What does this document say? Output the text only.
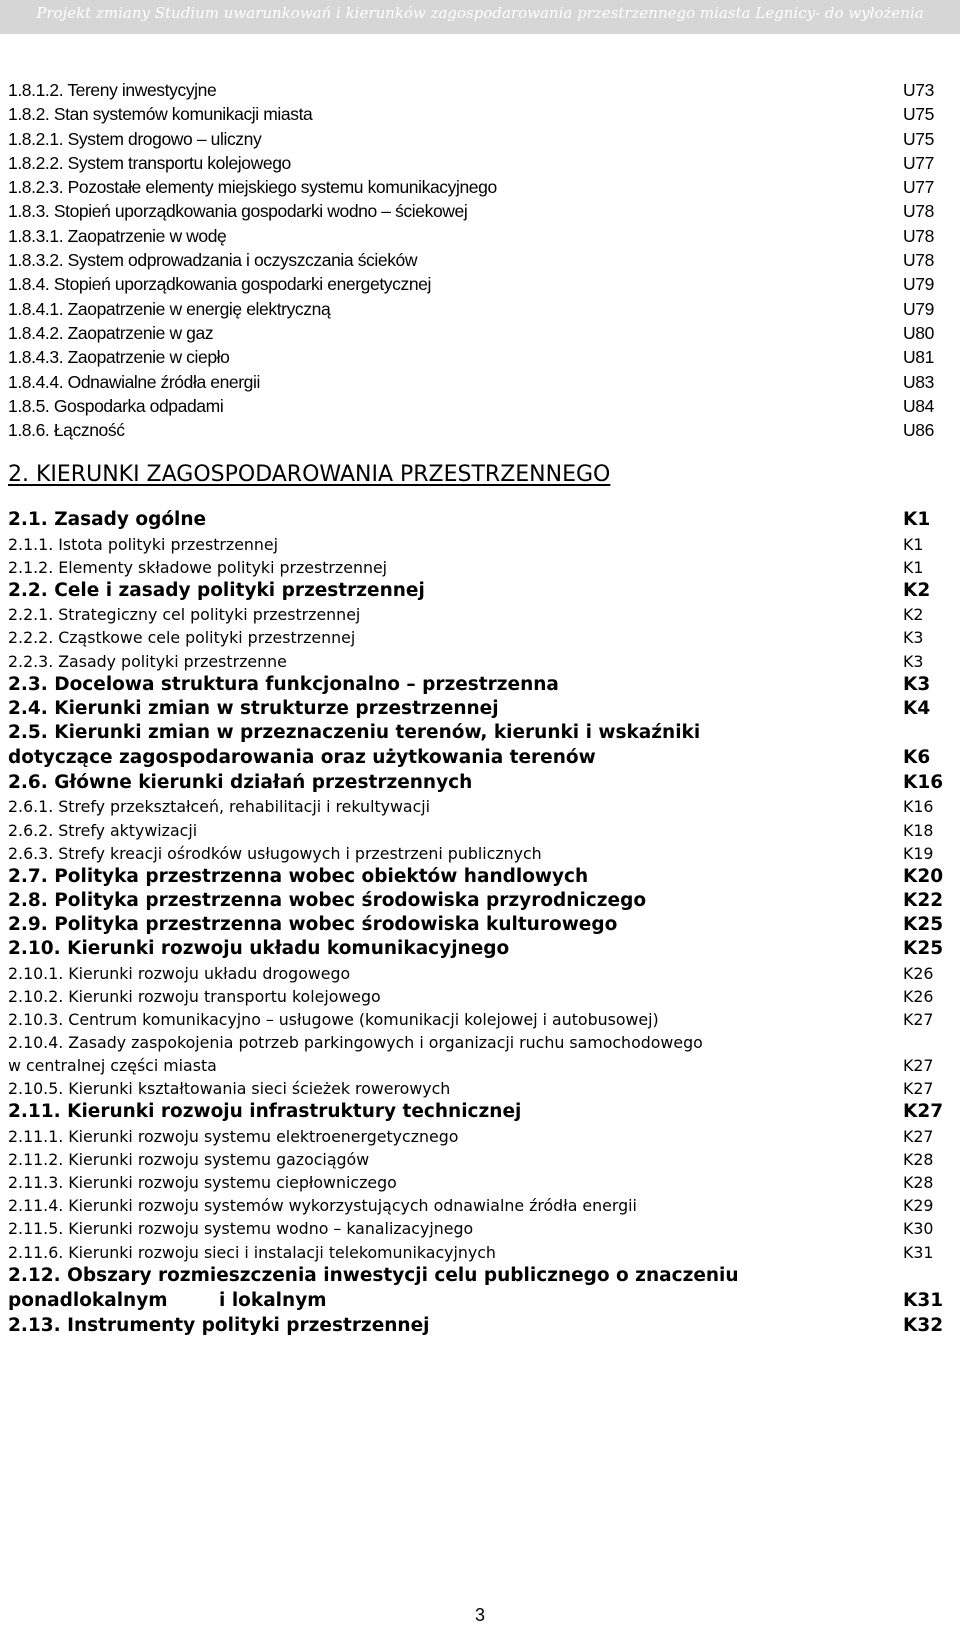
Projekt zmiany Studium uwarunkowań i kierunków zagospodarowania przestrzennego miasta Legnicy- do wyłożenia
1.8.1.2. Tereny inwestycyjne	U73
1.8.2. Stan systemów komunikacji miasta	U75
1.8.2.1. System drogowo – uliczny	U75
1.8.2.2. System transportu kolejowego	U77
1.8.2.3. Pozostałe elementy miejskiego systemu komunikacyjnego	U77
1.8.3. Stopień uporządkowania gospodarki wodno – ściekowej	U78
1.8.3.1. Zaopatrzenie w wodę	U78
1.8.3.2. System odprowadzania i oczyszczania ścieków	U78
1.8.4. Stopień uporządkowania gospodarki energetycznej	U79
1.8.4.1. Zaopatrzenie w energię elektryczną	U79
1.8.4.2. Zaopatrzenie w gaz	U80
1.8.4.3. Zaopatrzenie w ciepło	U81
1.8.4.4. Odnawialne źródła energii	U83
1.8.5. Gospodarka odpadami	U84
1.8.6. Łączność	U86
2. KIERUNKI ZAGOSPODAROWANIA PRZESTRZENNEGO
2.1. Zasady ogólne	K1
2.1.1. Istota polityki przestrzennej	K1
2.1.2. Elementy składowe polityki przestrzennej	K1
2.2. Cele i zasady polityki przestrzennej	K2
2.2.1. Strategiczny cel polityki przestrzennej	K2
2.2.2. Cząstkowe cele polityki przestrzennej	K3
2.2.3. Zasady polityki przestrzenne	K3
2.3. Docelowa struktura funkcjonalno – przestrzenna	K3
2.4. Kierunki zmian w strukturze przestrzennej	K4
2.5. Kierunki zmian w przeznaczeniu terenów, kierunki i wskaźniki
dotyczące zagospodarowania oraz użytkowania terenów	K6
2.6. Główne kierunki działań przestrzennych	K16
2.6.1. Strefy przekształceń, rehabilitacji i rekultywacji	K16
2.6.2. Strefy aktywizacji	K18
2.6.3. Strefy kreacji ośrodków usługowych i przestrzeni publicznych	K19
2.7. Polityka przestrzenna wobec obiektów handlowych	K20
2.8. Polityka przestrzenna wobec środowiska przyrodniczego	K22
2.9. Polityka przestrzenna wobec środowiska kulturowego	K25
2.10. Kierunki rozwoju układu komunikacyjnego	K25
2.10.1. Kierunki rozwoju układu drogowego	K26
2.10.2. Kierunki rozwoju transportu kolejowego	K26
2.10.3. Centrum komunikacyjno – usługowe (komunikacji kolejowej i autobusowej)	K27
2.10.4. Zasady zaspokojenia potrzeb parkingowych i organizacji ruchu samochodowego
w centralnej części miasta	K27
2.10.5. Kierunki kształtowania sieci ścieżek rowerowych	K27
2.11. Kierunki rozwoju infrastruktury technicznej	K27
2.11.1. Kierunki rozwoju systemu elektroenergetycznego	K27
2.11.2. Kierunki rozwoju systemu gazociągów	K28
2.11.3. Kierunki rozwoju systemu ciepłowniczego	K28
2.11.4. Kierunki rozwoju systemów wykorzystujących odnawialne źródła energii	K29
2.11.5. Kierunki rozwoju systemu wodno – kanalizacyjnego	K30
2.11.6. Kierunki rozwoju sieci i instalacji telekomunikacyjnych	K31
2.12. Obszary rozmieszczenia inwestycji celu publicznego o znaczeniu
ponadlokalnym        i lokalnym	K31
2.13. Instrumenty polityki przestrzennej	K32
3
